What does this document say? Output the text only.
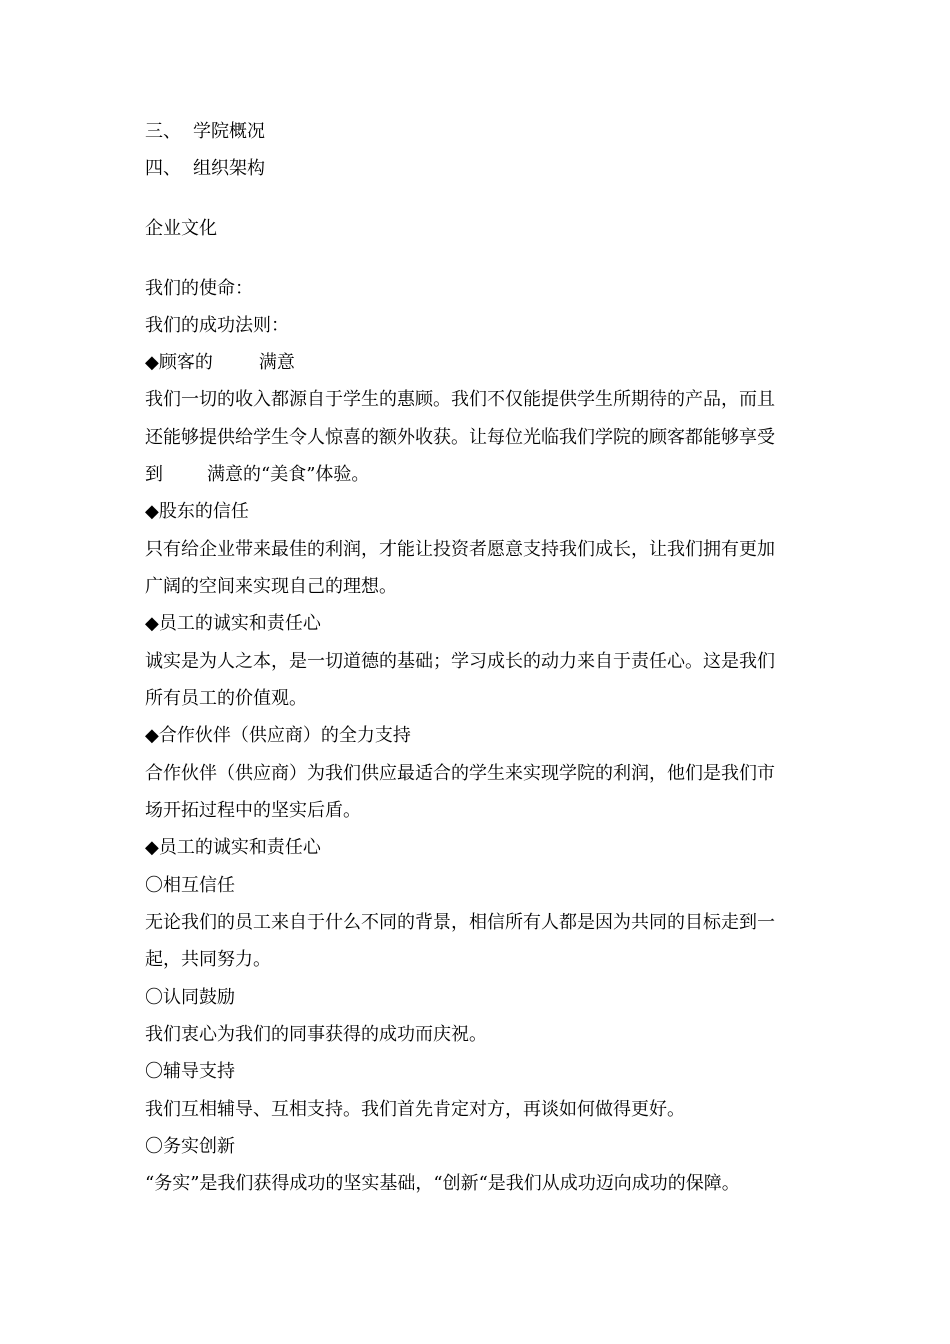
三、 学院概况
四、 组织架构
企业文化
我们的使命：
我们的成功法则：
◆顾客的	满意
我们一切的收入都源自于学生的惠顾。我们不仅能提供学生所期待的产品，而且
还能够提供给学生令人惊喜的额外收获。让每位光临我们学院的顾客都能够享受
到 满意的“美食”体验。
◆股东的信任
只有给企业带来最佳的利润，才能让投资者愿意支持我们成长，让我们拥有更加
广阔的空间来实现自己的理想。
◆员工的诚实和责任心
诚实是为人之本，是一切道德的基础；学习成长的动力来自于责任心。这是我们
所有员工的价值观。
◆合作伙伴（供应商）的全力支持
合作伙伴（供应商）为我们供应最适合的学生来实现学院的利润，他们是我们市
场开拓过程中的坚实后盾。
◆员工的诚实和责任心
〇相互信任
无论我们的员工来自于什么不同的背景，相信所有人都是因为共同的目标走到一
起，共同努力。
〇认同鼓励
我们衷心为我们的同事获得的成功而庆祝。
〇辅导支持
我们互相辅导、互相支持。我们首先肯定对方，再谈如何做得更好。
〇务实创新
“务实”是我们获得成功的坚实基础，“创新“是我们从成功迈向成功的保障。
